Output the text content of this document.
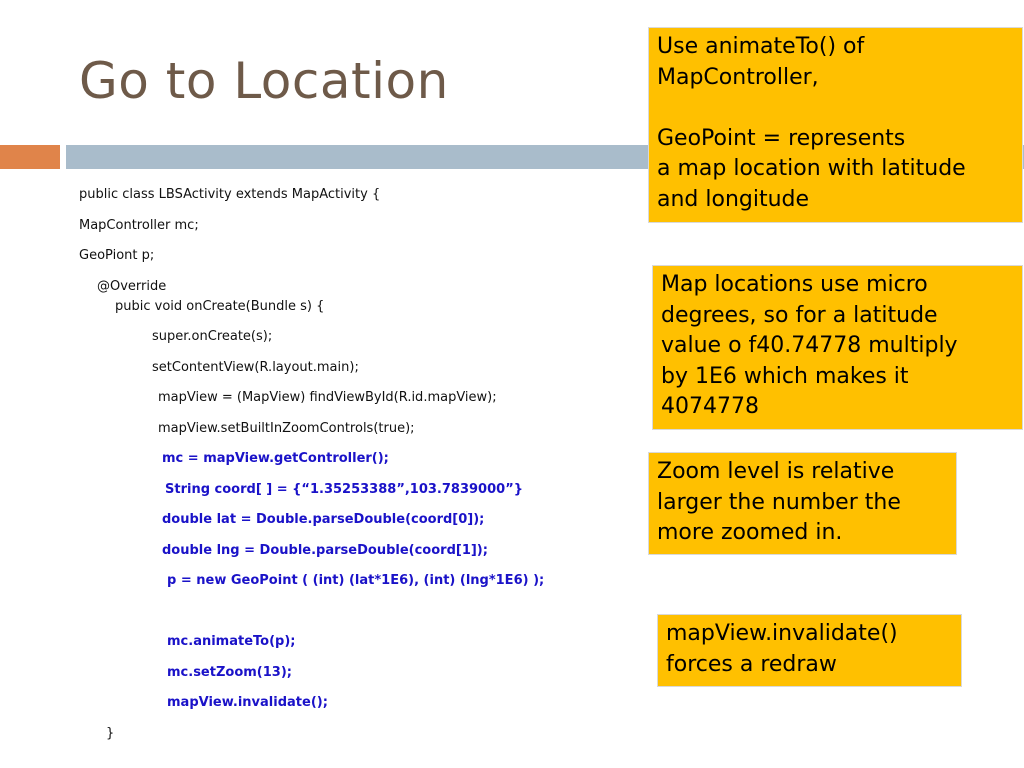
Go to Location
public class LBSActivity extends MapActivity {
MapController mc;
GeoPiont p;
@Override
pubic void onCreate(Bundle s) {
super.onCreate(s);
setContentView(R.layout.main);
mapView = (MapView) findViewById(R.id.mapView);
mapView.setBuiltInZoomControls(true);
mc = mapView.getController();
String coord[ ] = {“1.35253388”,103.7839000”}
double lat = Double.parseDouble(coord[0]);
double lng = Double.parseDouble(coord[1]);
p = new GeoPoint ( (int) (lat*1E6), (int) (lng*1E6) );
mc.animateTo(p);
mc.setZoom(13);
mapView.invalidate();
}
Use animateTo() of
MapController,
GeoPoint = represents
a map location with latitude
and longitude
Map locations use micro
degrees, so for a latitude
value o f40.74778 multiply
by 1E6 which makes it
4074778
Zoom level is relative
larger the number the
more zoomed in.
mapView.invalidate()
forces a redraw
